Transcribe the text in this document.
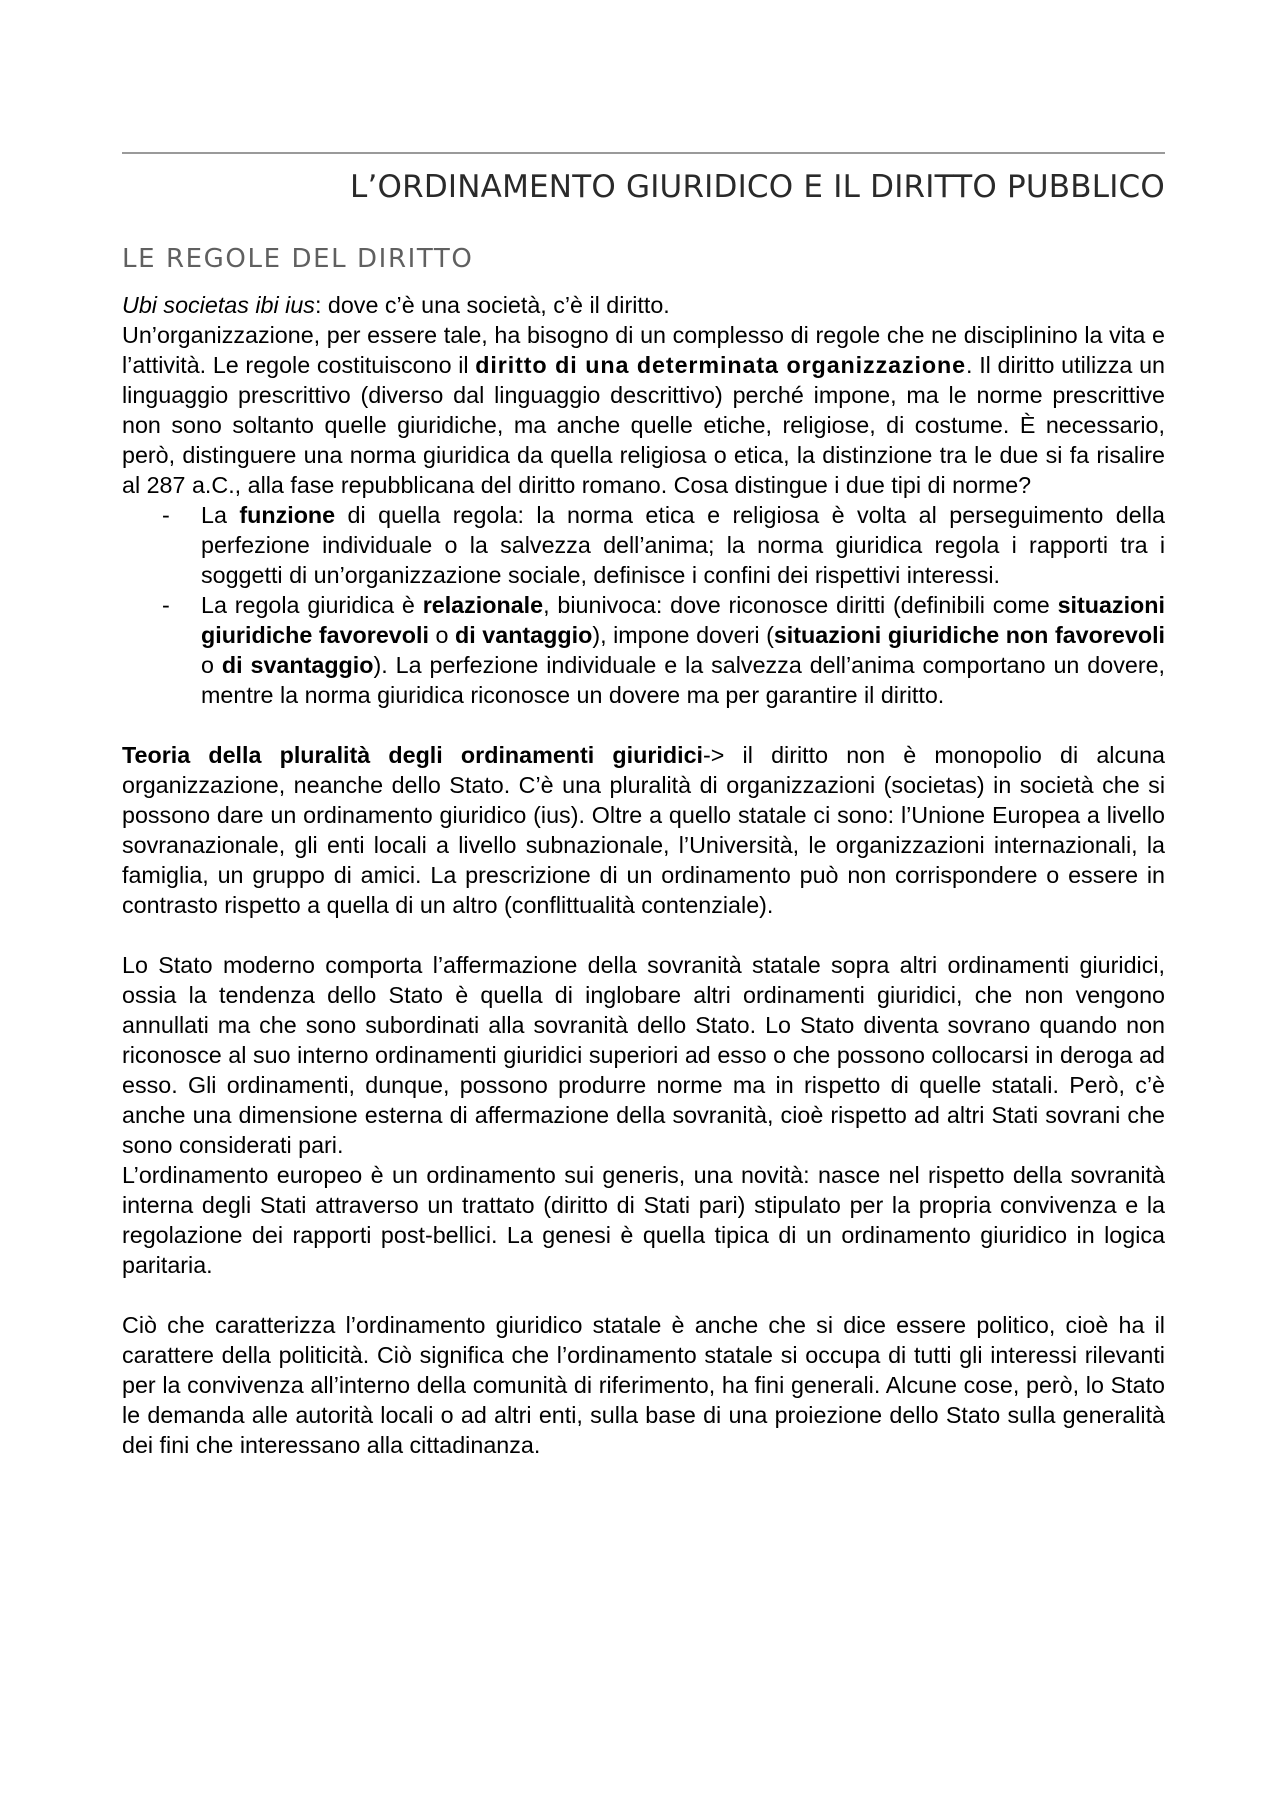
L’ORDINAMENTO GIURIDICO E IL DIRITTO PUBBLICO
LE REGOLE DEL DIRITTO

Ubi societas ibi ius: dove c’è una società, c’è il diritto.

Un’organizzazione, per essere tale, ha bisogno di un complesso di regole che ne disciplinino la vita e l’attività. Le regole costituiscono il diritto di una determinata organizzazione. Il diritto utilizza un linguaggio prescrittivo (diverso dal linguaggio descrittivo) perché impone, ma le norme prescrittive non sono soltanto quelle giuridiche, ma anche quelle etiche, religiose, di costume. È necessario, però, distinguere una norma giuridica da quella religiosa o etica, la distinzione tra le due si fa risalire al 287 a.C., alla fase repubblicana del diritto romano. Cosa distingue i due tipi di norme?

- La funzione di quella regola: la norma etica e religiosa è volta al perseguimento della perfezione individuale o la salvezza dell’anima; la norma giuridica regola i rapporti tra i soggetti di un’organizzazione sociale, definisce i confini dei rispettivi interessi.
- La regola giuridica è relazionale, biunivoca: dove riconosce diritti (definibili come situazioni giuridiche favorevoli o di vantaggio), impone doveri (situazioni giuridiche non favorevoli o di svantaggio). La perfezione individuale e la salvezza dell’anima comportano un dovere, mentre la norma giuridica riconosce un dovere ma per garantire il diritto.

Teoria della pluralità degli ordinamenti giuridici-> il diritto non è monopolio di alcuna organizzazione, neanche dello Stato. C’è una pluralità di organizzazioni (societas) in società che si possono dare un ordinamento giuridico (ius). Oltre a quello statale ci sono: l’Unione Europea a livello sovranazionale, gli enti locali a livello subnazionale, l’Università, le organizzazioni internazionali, la famiglia, un gruppo di amici. La prescrizione di un ordinamento può non corrispondere o essere in contrasto rispetto a quella di un altro (conflittualità contenziale).

Lo Stato moderno comporta l’affermazione della sovranità statale sopra altri ordinamenti giuridici, ossia la tendenza dello Stato è quella di inglobare altri ordinamenti giuridici, che non vengono annullati ma che sono subordinati alla sovranità dello Stato. Lo Stato diventa sovrano quando non riconosce al suo interno ordinamenti giuridici superiori ad esso o che possono collocarsi in deroga ad esso. Gli ordinamenti, dunque, possono produrre norme ma in rispetto di quelle statali. Però, c’è anche una dimensione esterna di affermazione della sovranità, cioè rispetto ad altri Stati sovrani che sono considerati pari.

L’ordinamento europeo è un ordinamento sui generis, una novità: nasce nel rispetto della sovranità interna degli Stati attraverso un trattato (diritto di Stati pari) stipulato per la propria convivenza e la regolazione dei rapporti post-bellici. La genesi è quella tipica di un ordinamento giuridico in logica paritaria.

Ciò che caratterizza l’ordinamento giuridico statale è anche che si dice essere politico, cioè ha il carattere della politicità. Ciò significa che l’ordinamento statale si occupa di tutti gli interessi rilevanti per la convivenza all’interno della comunità di riferimento, ha fini generali. Alcune cose, però, lo Stato le demanda alle autorità locali o ad altri enti, sulla base di una proiezione dello Stato sulla generalità dei fini che interessano alla cittadinanza.
